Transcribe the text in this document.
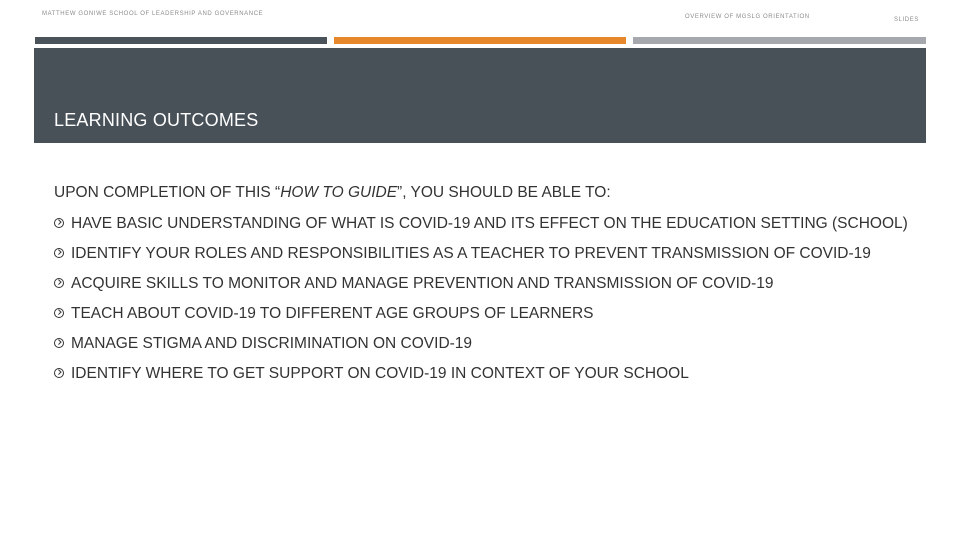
MATTHEW GONIWE SCHOOL OF LEADERSHIP AND GOVERNANCE	OVERVIEW OF MGSLG ORIENTATION	SLIDES
LEARNING OUTCOMES
UPON COMPLETION OF THIS “HOW TO GUIDE”, YOU SHOULD BE ABLE TO:
HAVE BASIC UNDERSTANDING OF WHAT IS COVID-19 AND ITS EFFECT ON THE EDUCATION SETTING (SCHOOL)
IDENTIFY YOUR ROLES AND RESPONSIBILITIES AS A TEACHER TO PREVENT TRANSMISSION OF COVID-19
ACQUIRE SKILLS TO MONITOR AND MANAGE PREVENTION AND TRANSMISSION OF COVID-19
TEACH ABOUT COVID-19 TO DIFFERENT AGE GROUPS OF LEARNERS
MANAGE STIGMA AND DISCRIMINATION ON COVID-19
IDENTIFY WHERE TO GET SUPPORT ON COVID-19 IN CONTEXT OF YOUR SCHOOL
